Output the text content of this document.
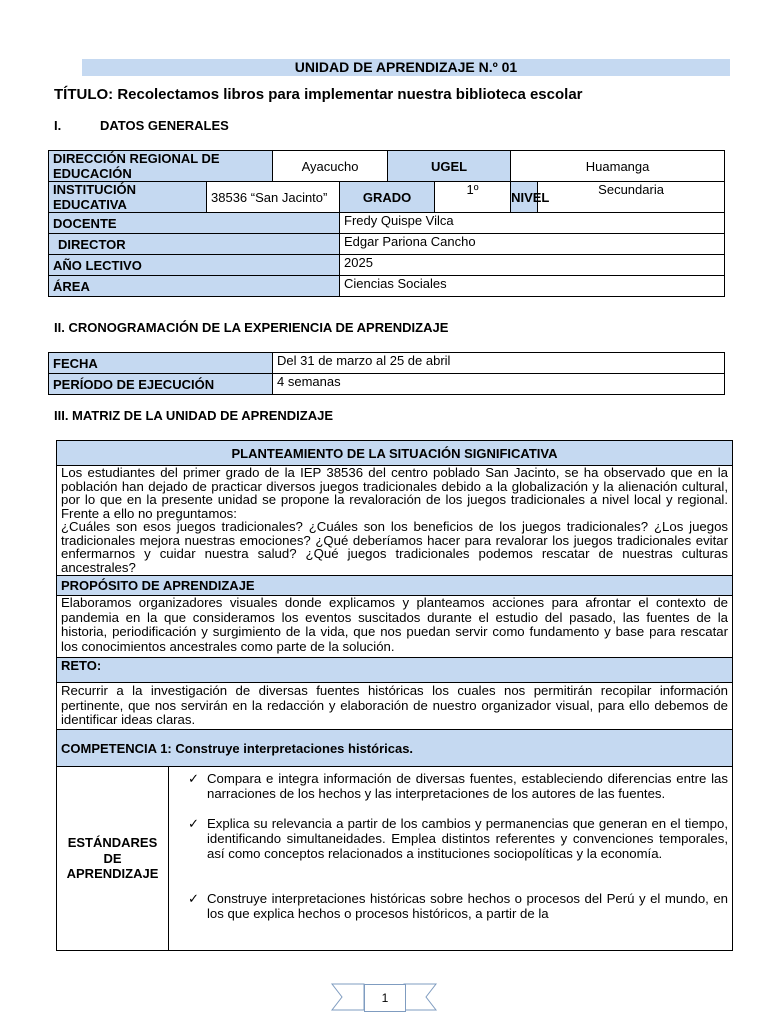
UNIDAD DE APRENDIZAJE N.º 01
TÍTULO: Recolectamos libros para implementar nuestra biblioteca escolar
I.	DATOS GENERALES
DIRECCIÓN REGIONAL DE EDUCACIÓN		Ayacucho		UGEL		Huamanga	
INSTITUCIÓN EDUCATIVA	38536 “San Jacinto”		GRADO		1º	NIVEL	Secundaria
DOCENTE			Fredy Quispe Vilca				
DIRECTOR			Edgar Pariona Cancho				
AÑO LECTIVO			2025				
ÁREA			Ciencias Sociales				
II. CRONOGRAMACIÓN DE LA EXPERIENCIA DE APRENDIZAJE
FECHA	Del 31 de marzo al 25 de abril
PERÍODO DE EJECUCIÓN	4 semanas
III. MATRIZ DE LA UNIDAD DE APRENDIZAJE
PLANTEAMIENTO DE LA SITUACIÓN SIGNIFICATIVA

Los estudiantes del primer grado de la IEP 38536 del centro poblado San Jacinto, se ha observado que en la población han dejado de practicar diversos juegos tradicionales debido a la globalización y la alienación cultural, por lo que en la presente unidad se propone la revaloración de los juegos tradicionales a nivel local y regional. Frente a ello no preguntamos:
¿Cuáles son esos juegos tradicionales? ¿Cuáles son los beneficios de los juegos tradicionales? ¿Los juegos tradicionales mejora nuestras emociones? ¿Qué deberíamos hacer para revalorar los juegos tradicionales evitar enfermarnos y cuidar nuestra salud? ¿Qué juegos tradicionales podemos rescatar de nuestras culturas ancestrales?

PROPÓSITO DE APRENDIZAJE
Elaboramos organizadores visuales donde explicamos y planteamos acciones para afrontar el contexto de pandemia en la que consideramos los eventos suscitados durante el estudio del pasado, las fuentes de la historia, periodificación y surgimiento de la vida, que nos puedan servir como fundamento y base para rescatar los conocimientos ancestrales como parte de la solución.
RETO:
Recurrir a la investigación de diversas fuentes históricas los cuales nos permitirán recopilar información pertinente, que nos servirán en la redacción y elaboración de nuestro organizador visual, para ello debemos de identificar ideas claras.
COMPETENCIA 1: Construye interpretaciones históricas.
ESTÁNDARES DE APRENDIZAJE	
✓ Compara e integra información de diversas fuentes, estableciendo diferencias entre las narraciones de los hechos y las interpretaciones de los autores de las fuentes.
✓ Explica su relevancia a partir de los cambios y permanencias que generan en el tiempo, identificando simultaneidades. Emplea distintos referentes y convenciones temporales, así como conceptos relacionados a instituciones sociopolíticas y la economía.
✓ Construye interpretaciones históricas sobre hechos o procesos del Perú y el mundo, en los que explica hechos o procesos históricos, a partir de la
1
